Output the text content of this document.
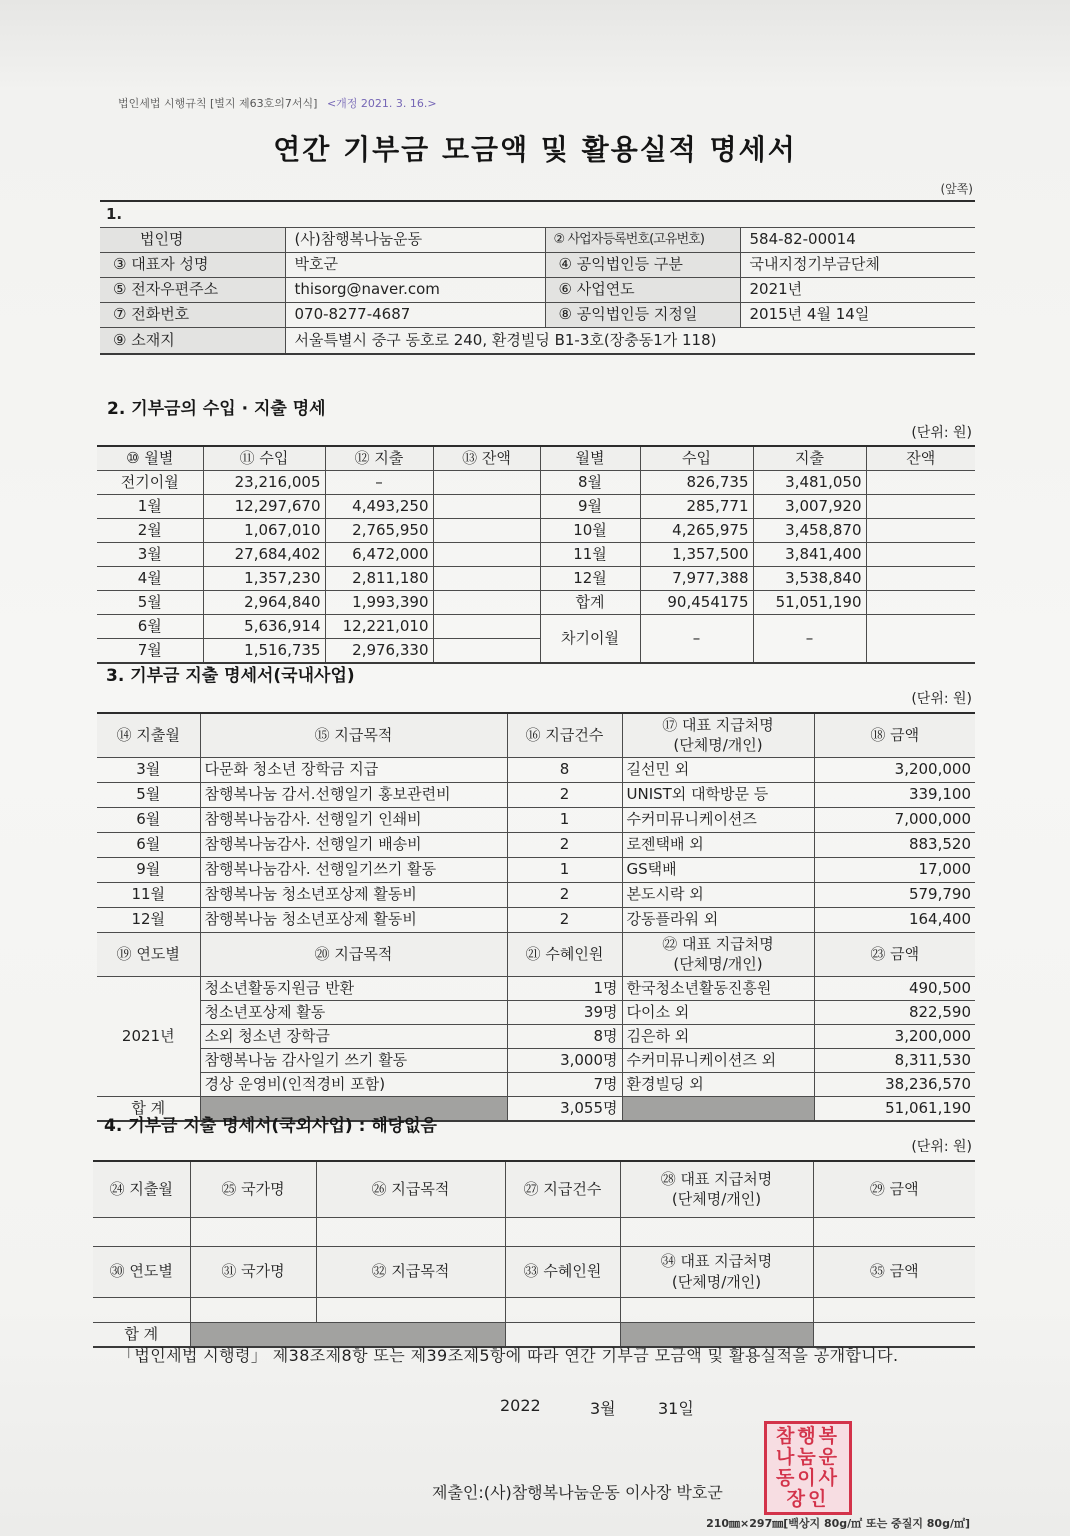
법인세법 시행규칙 [별지 제63호의7서식] <개정 2021. 3. 16.>
연간 기부금 모금액 및 활용실적 명세서
(앞쪽)
1.			
법인명	(사)참행복나눔운동	② 사업자등록번호(고유번호)	584-82-00014
③ 대표자 성명	박호군	④ 공익법인등 구분	국내지정기부금단체
⑤ 전자우편주소	thisorg@naver.com	⑥ 사업연도	2021년
⑦ 전화번호	070-8277-4687	⑧ 공익법인등 지정일	2015년 4월 14일
⑨ 소재지	서울특별시 중구 동호로 240, 환경빌딩 B1-3호(장충동1가 118)		
2. 기부금의 수입 · 지출 명세
(단위: 원)
⑩ 월별	⑪ 수입	⑫ 지출	⑬ 잔액	월별	수입	지출	잔액
전기이월	23,216,005	–		8월	826,735	3,481,050	
1월	12,297,670	4,493,250		9월	285,771	3,007,920	
2월	1,067,010	2,765,950		10월	4,265,975	3,458,870	
3월	27,684,402	6,472,000		11월	1,357,500	3,841,400	
4월	1,357,230	2,811,180		12월	7,977,388	3,538,840	
5월	2,964,840	1,993,390		합계	90,454175	51,051,190	
6월	5,636,914	12,221,010		차기이월	–	–	
7월	1,516,735	2,976,330					
3. 기부금 지출 명세서(국내사업)
(단위: 원)
⑭ 지출월	⑮ 지급목적	⑯ 지급건수	⑰ 대표 지급처명
(단체명/개인)	⑱ 금액
3월	다문화 청소년 장학금 지급	8	길선민 외	3,200,000
5월	참행복나눔 감서.선행일기 홍보관련비	2	UNIST외 대학방문 등	339,100
6월	참행복나눔감사. 선행일기 인쇄비	1	수커미뮤니케이션즈	7,000,000
6월	참행복나눔감사. 선행일기 배송비	2	로젠택배 외	883,520
9월	참행복나눔감사. 선행일기쓰기 활동	1	GS택배	17,000
11월	참행복나눔 청소년포상제 활동비	2	본도시락 외	579,790
12월	참행복나눔 청소년포상제 활동비	2	강동플라워 외	164,400
⑲ 연도별	⑳ 지급목적	㉑ 수혜인원	㉒ 대표 지급처명
(단체명/개인)	㉓ 금액
2021년	청소년활동지원금 반환	1명	한국청소년활동진흥원	490,500
	청소년포상제 활동	39명	다이소 외	822,590
	소외 청소년 장학금	8명	김은하 외	3,200,000
	참행복나눔 감사일기 쓰기 활동	3,000명	수커미뮤니케이션즈 외	8,311,530
	경상 운영비(인적경비 포함)	7명	환경빌딩 외	38,236,570
합 계		3,055명		51,061,190
4. 기부금 지출 명세서(국외사업) : 해당없음
(단위: 원)
㉔ 지출월	㉕ 국가명	㉖ 지급목적	㉗ 지급건수	㉘ 대표 지급처명
(단체명/개인)	㉙ 금액

㉚ 연도별	㉛ 국가명	㉜ 지급목적	㉝ 수혜인원	㉞ 대표 지급처명
(단체명/개인)	㉟ 금액

합 계					
「법인세법 시행령」 제38조제8항 또는 제39조제5항에 따라 연간 기부금 모금액 및 활용실적을 공개합니다.
2022	3월	31일
제출인:(사)참행복나눔운동 이사장 박호군
참행복나눔운동이사장인
210㎜×297㎜[백상지 80g/㎡ 또는 중질지 80g/㎡]
